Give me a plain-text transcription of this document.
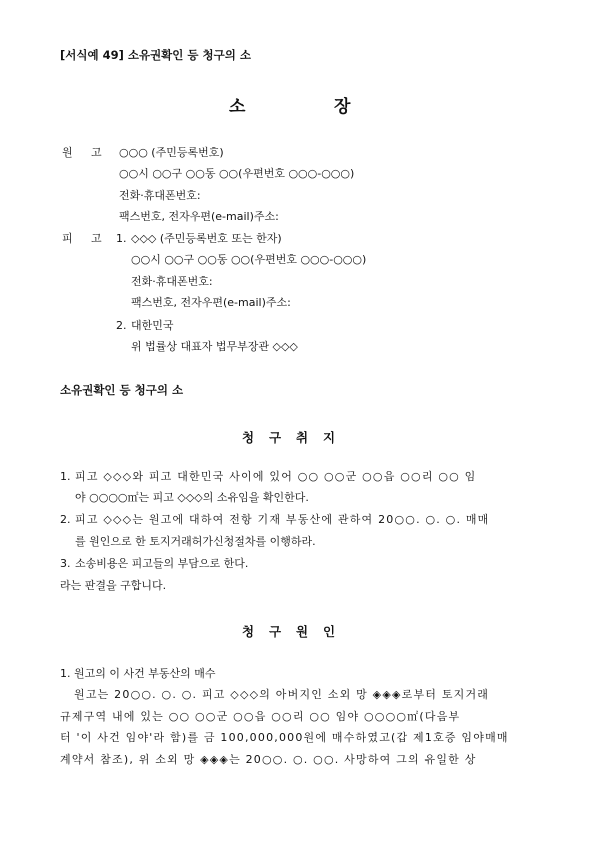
[서식예 49] 소유권확인 등 청구의 소
소	장
원 고 ○○○ (주민등록번호)
○○시 ○○구 ○○동 ○○(우편번호 ○○○-○○○)
전화·휴대폰번호:
팩스번호, 전자우편(e-mail)주소:
피 고 1. ◇◇◇ (주민등록번호 또는 한자)
○○시 ○○구 ○○동 ○○(우편번호 ○○○-○○○)
전화·휴대폰번호:
팩스번호, 전자우편(e-mail)주소:
2. 대한민국
위 법률상 대표자 법무부장관 ◇◇◇
소유권확인 등 청구의 소
청 구 취 지
1. 피고 ◇◇◇와 피고 대한민국 사이에 있어 ○○ ○○군 ○○읍 ○○리 ○○ 임
야 ○○○○㎡는 피고 ◇◇◇의 소유임을 확인한다.
2. 피고 ◇◇◇는 원고에 대하여 전항 기재 부동산에 관하여 20○○. ○. ○. 매매
를 원인으로 한 토지거래허가신청절차를 이행하라.
3. 소송비용은 피고들의 부담으로 한다.
라는 판결을 구합니다.
청 구 원 인
1. 원고의 이 사건 부동산의 매수
원고는 20○○. ○. ○. 피고 ◇◇◇의 아버지인 소외 망 ◈◈◈로부터 토지거래
규제구역 내에 있는 ○○ ○○군 ○○읍 ○○리 ○○ 임야 ○○○○㎡(다음부
터 '이 사건 임야'라 함)를 금 100,000,000원에 매수하였고(갑 제1호증 임야매매
계약서 참조), 위 소외 망 ◈◈◈는 20○○. ○. ○○. 사망하여 그의 유일한 상
